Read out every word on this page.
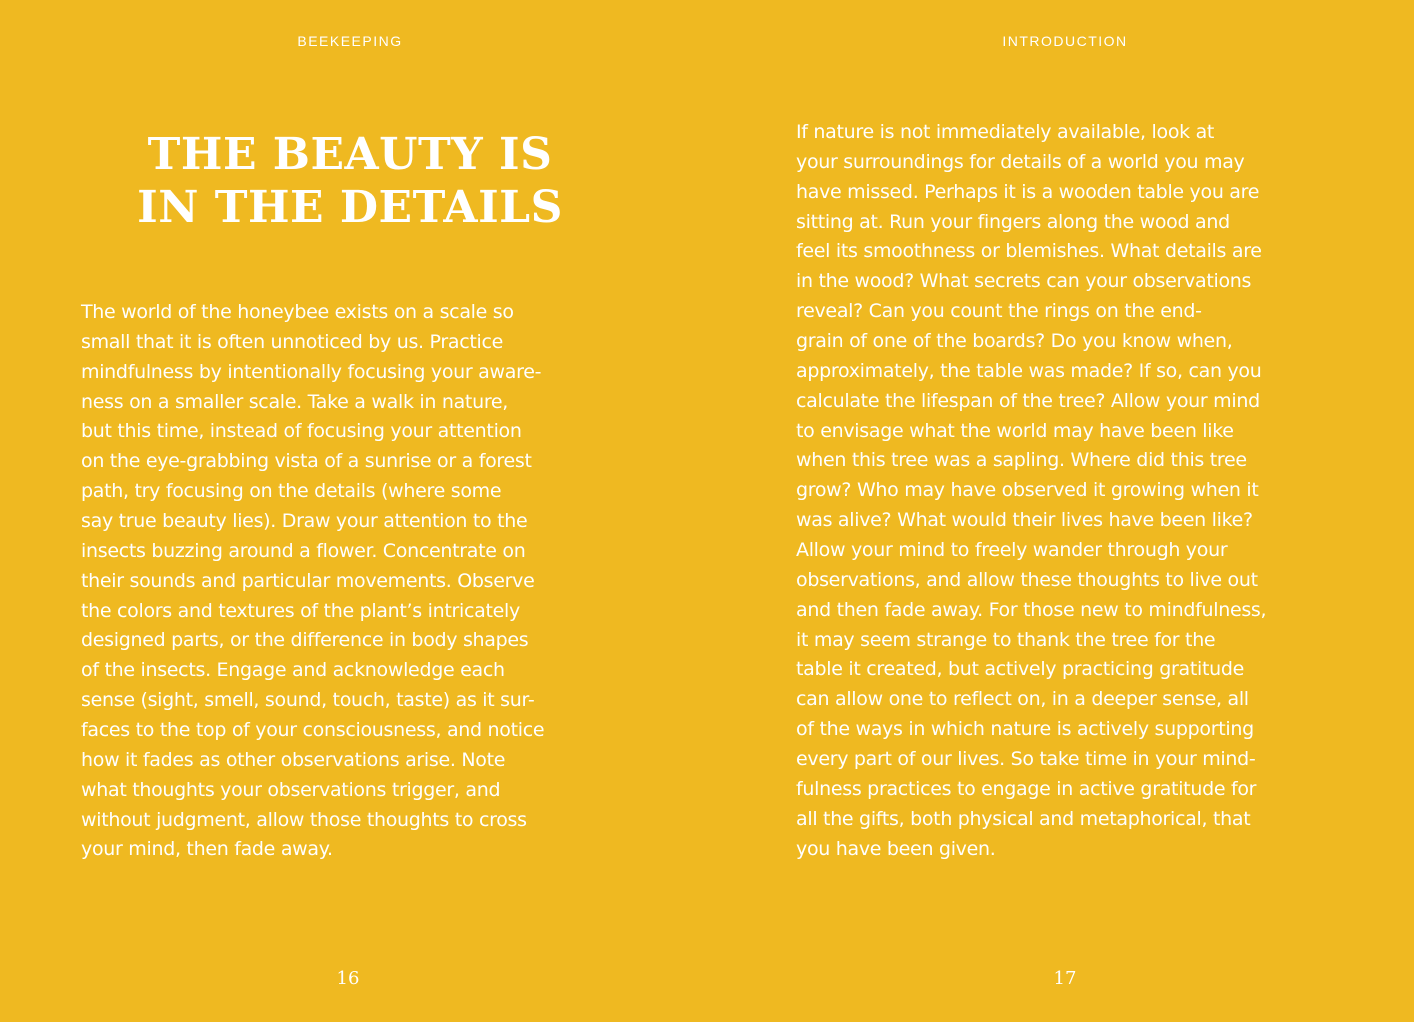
BEEKEEPING
THE BEAUTY IS
IN THE DETAILS
The world of the honeybee exists on a scale so
small that it is often unnoticed by us. Practice
mindfulness by intentionally focusing your aware-
ness on a smaller scale. Take a walk in nature,
but this time, instead of focusing your attention
on the eye-grabbing vista of a sunrise or a forest
path, try focusing on the details (where some
say true beauty lies). Draw your attention to the
insects buzzing around a flower. Concentrate on
their sounds and particular movements. Observe
the colors and textures of the plant’s intricately
designed parts, or the difference in body shapes
of the insects. Engage and acknowledge each
sense (sight, smell, sound, touch, taste) as it sur-
faces to the top of your consciousness, and notice
how it fades as other observations arise. Note
what thoughts your observations trigger, and
without judgment, allow those thoughts to cross
your mind, then fade away.
16
INTRODUCTION
If nature is not immediately available, look at
your surroundings for details of a world you may
have missed. Perhaps it is a wooden table you are
sitting at. Run your fingers along the wood and
feel its smoothness or blemishes. What details are
in the wood? What secrets can your observations
reveal? Can you count the rings on the end-
grain of one of the boards? Do you know when,
approximately, the table was made? If so, can you
calculate the lifespan of the tree? Allow your mind
to envisage what the world may have been like
when this tree was a sapling. Where did this tree
grow? Who may have observed it growing when it
was alive? What would their lives have been like?
Allow your mind to freely wander through your
observations, and allow these thoughts to live out
and then fade away. For those new to mindfulness,
it may seem strange to thank the tree for the
table it created, but actively practicing gratitude
can allow one to reflect on, in a deeper sense, all
of the ways in which nature is actively supporting
every part of our lives. So take time in your mind-
fulness practices to engage in active gratitude for
all the gifts, both physical and metaphorical, that
you have been given.
17
